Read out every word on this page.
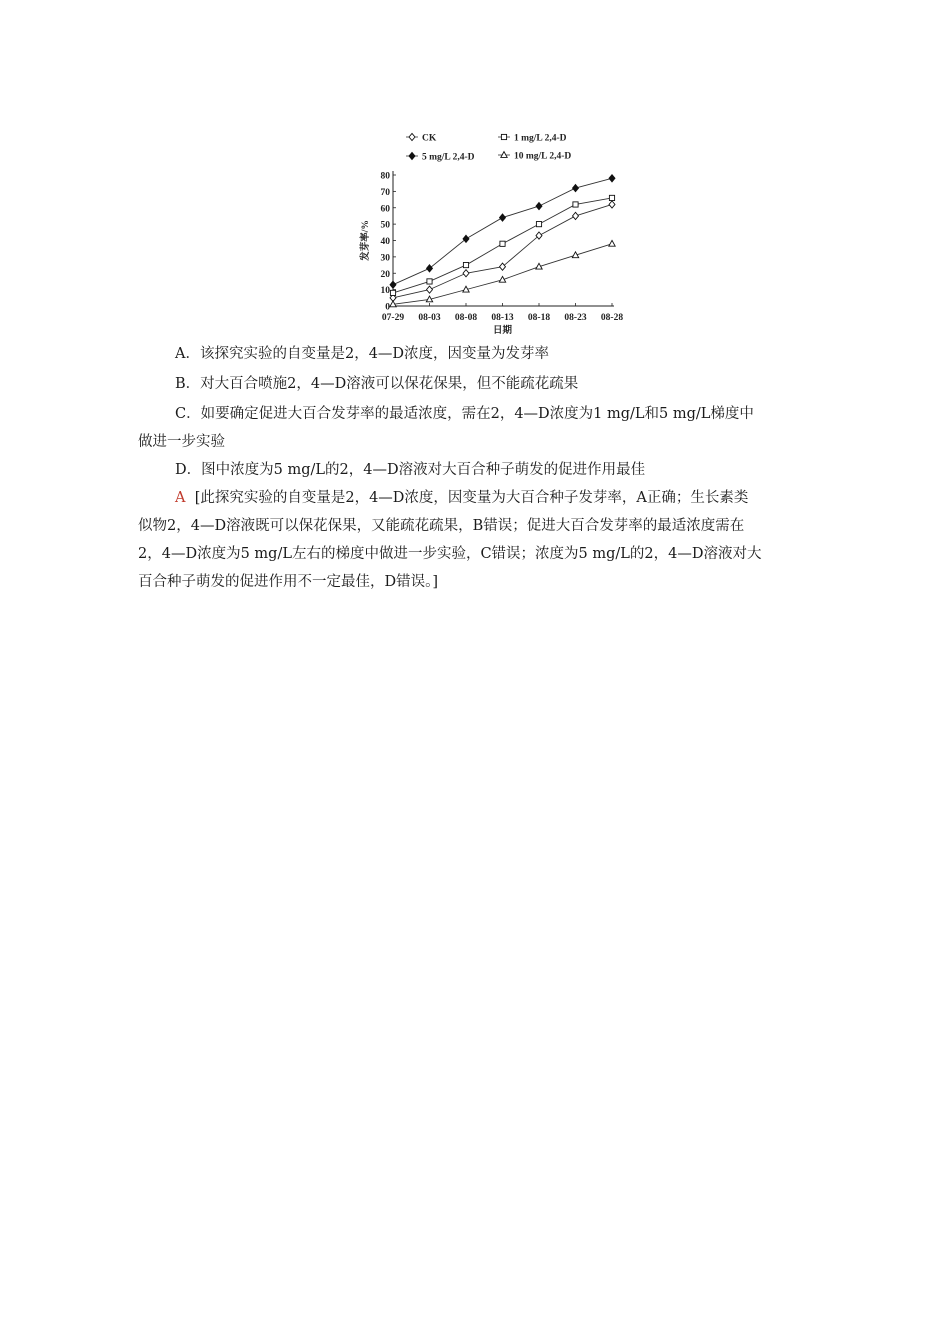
0
10
20
30
40
50
60
70
80
07-29 08-03 08-08 08-13 08-18 08-23 08-28
日期
发芽率/%
CK	1 mg/L 2,4-D
5 mg/L 2,4-D	10 mg/L 2,4-D
A．该探究实验的自变量是2，4—D浓度，因变量为发芽率
B．对大百合喷施2，4—D溶液可以保花保果，但不能疏花疏果
C．如要确定促进大百合发芽率的最适浓度，需在2，4—D浓度为1 mg/L和5 mg/L梯度中
做进一步实验
D．图中浓度为5 mg/L的2，4—D溶液对大百合种子萌发的促进作用最佳
A [此探究实验的自变量是2，4—D浓度，因变量为大百合种子发芽率，A正确；生长素类
似物2，4—D溶液既可以保花保果，又能疏花疏果，B错误；促进大百合发芽率的最适浓度需在
2，4—D浓度为5 mg/L左右的梯度中做进一步实验，C错误；浓度为5 mg/L的2，4—D溶液对大
百合种子萌发的促进作用不一定最佳，D错误。]
